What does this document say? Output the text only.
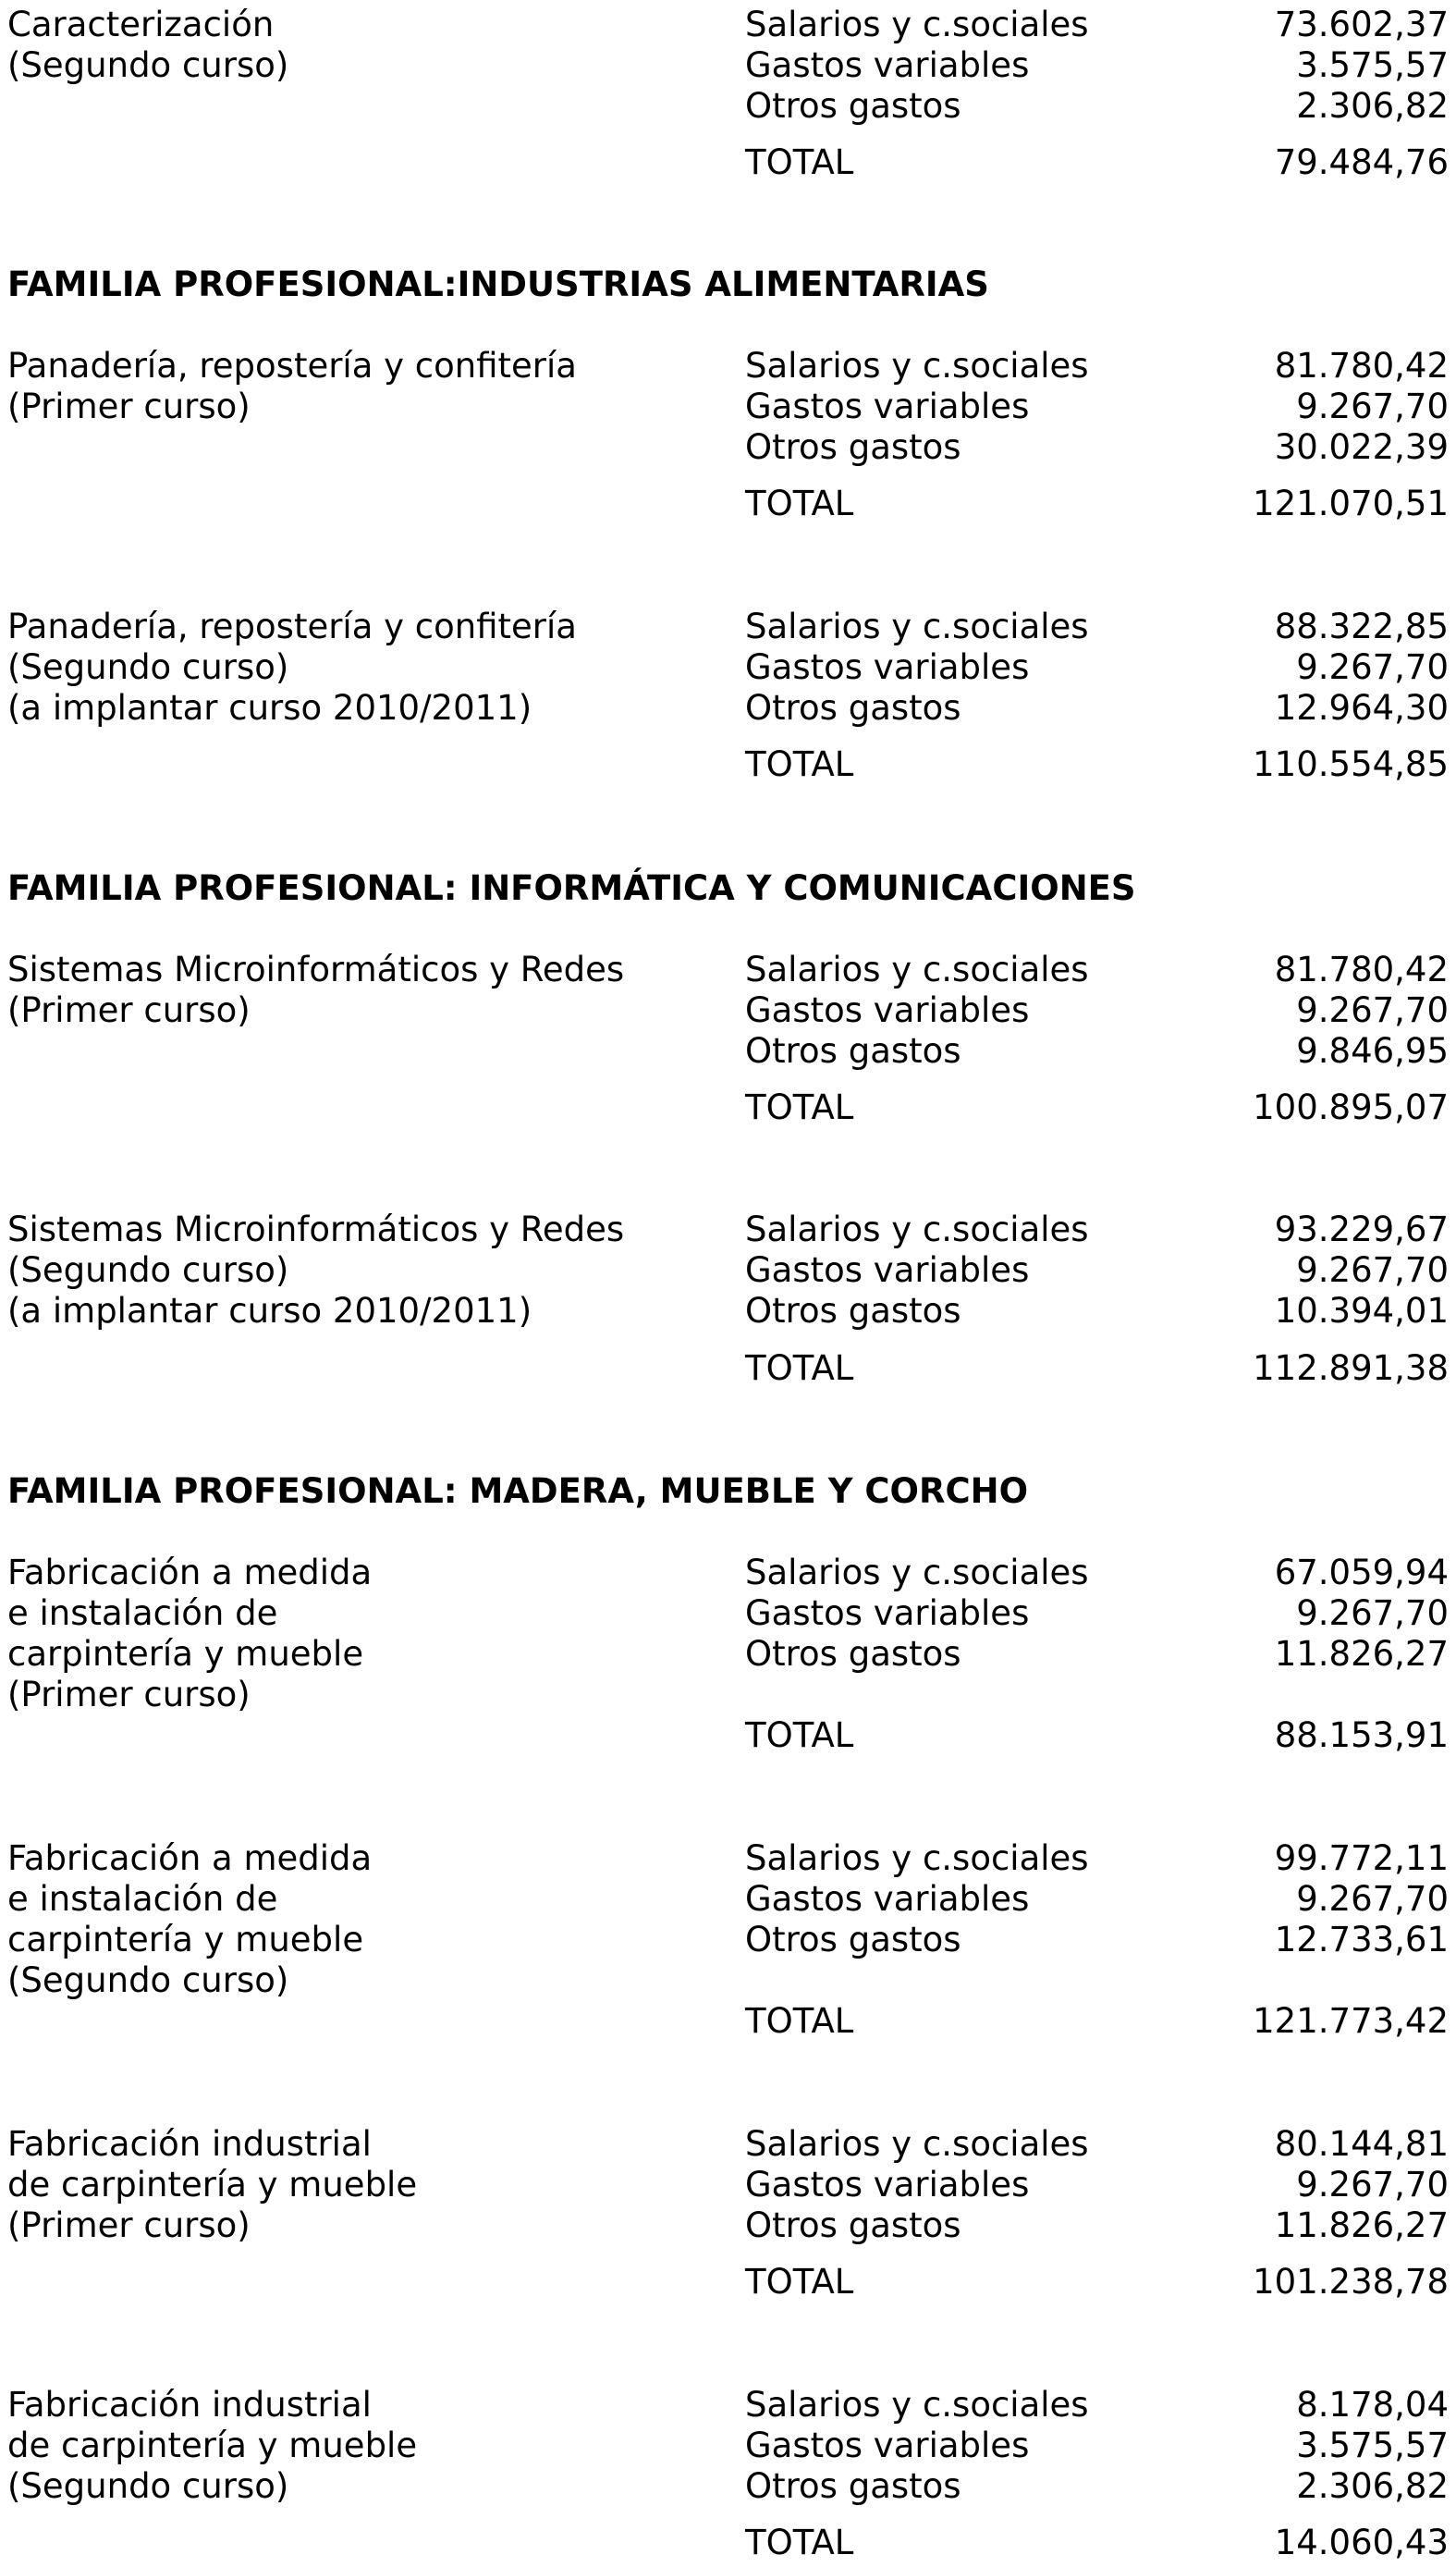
Caracterización

(Segundo curso)

Salarios y c.sociales	73.602,37

Gastos variables	3.575,57

Otros gastos	2.306,82

TOTAL	79.484,76

FAMILIA PROFESIONAL:INDUSTRIAS ALIMENTARIAS

Panadería, repostería y confitería

(Primer curso)

Salarios y c.sociales	81.780,42

Gastos variables	9.267,70

Otros gastos	30.022,39

TOTAL	121.070,51

Panadería, repostería y confitería

(Segundo curso)

(a implantar curso 2010/2011)

Salarios y c.sociales	88.322,85

Gastos variables	9.267,70

Otros gastos	12.964,30

TOTAL	110.554,85

FAMILIA PROFESIONAL: INFORMÁTICA Y COMUNICACIONES

Sistemas Microinformáticos y Redes

(Primer curso)

Salarios y c.sociales	81.780,42

Gastos variables	9.267,70

Otros gastos	9.846,95

TOTAL	100.895,07

Sistemas Microinformáticos y Redes

(Segundo curso)

(a implantar curso 2010/2011)

Salarios y c.sociales	93.229,67

Gastos variables	9.267,70

Otros gastos	10.394,01

TOTAL	112.891,38

FAMILIA PROFESIONAL: MADERA, MUEBLE Y CORCHO

Fabricación a medida

e instalación de

carpintería y mueble

(Primer curso)

Salarios y c.sociales	67.059,94

Gastos variables	9.267,70

Otros gastos	11.826,27

TOTAL	88.153,91

Fabricación a medida

e instalación de

carpintería y mueble

(Segundo curso)

Salarios y c.sociales	99.772,11

Gastos variables	9.267,70

Otros gastos	12.733,61

TOTAL	121.773,42

Fabricación industrial

de carpintería y mueble

(Primer curso)

Salarios y c.sociales	80.144,81

Gastos variables	9.267,70

Otros gastos	11.826,27

TOTAL	101.238,78

Fabricación industrial

de carpintería y mueble

(Segundo curso)

Salarios y c.sociales	8.178,04

Gastos variables	3.575,57

Otros gastos	2.306,82

TOTAL	14.060,43
